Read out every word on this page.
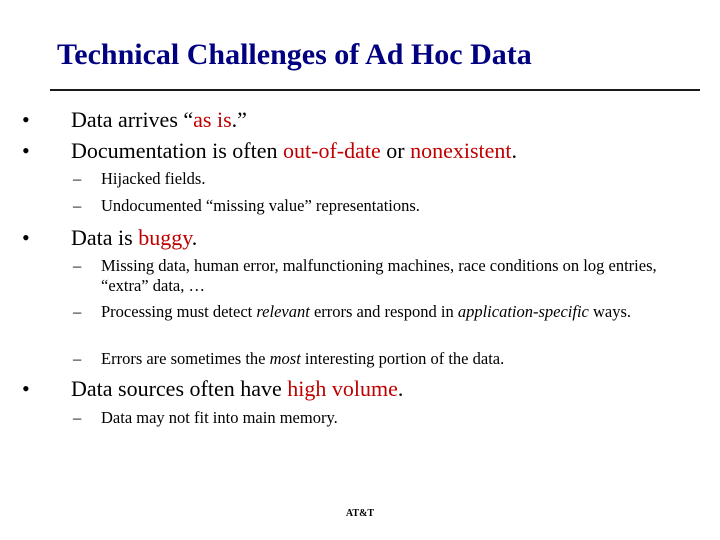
Technical Challenges of Ad Hoc Data
• Data arrives “as is.”
• Documentation is often out-of-date or nonexistent.
– Hijacked fields.
– Undocumented “missing value” representations.
• Data is buggy.
– Missing data, human error, malfunctioning machines, race conditions on log entries, “extra” data, …
– Processing must detect relevant errors and respond in application-specific ways.
– Errors are sometimes the most interesting portion of the data.
• Data sources often have high volume.
– Data may not fit into main memory.
AT&T
